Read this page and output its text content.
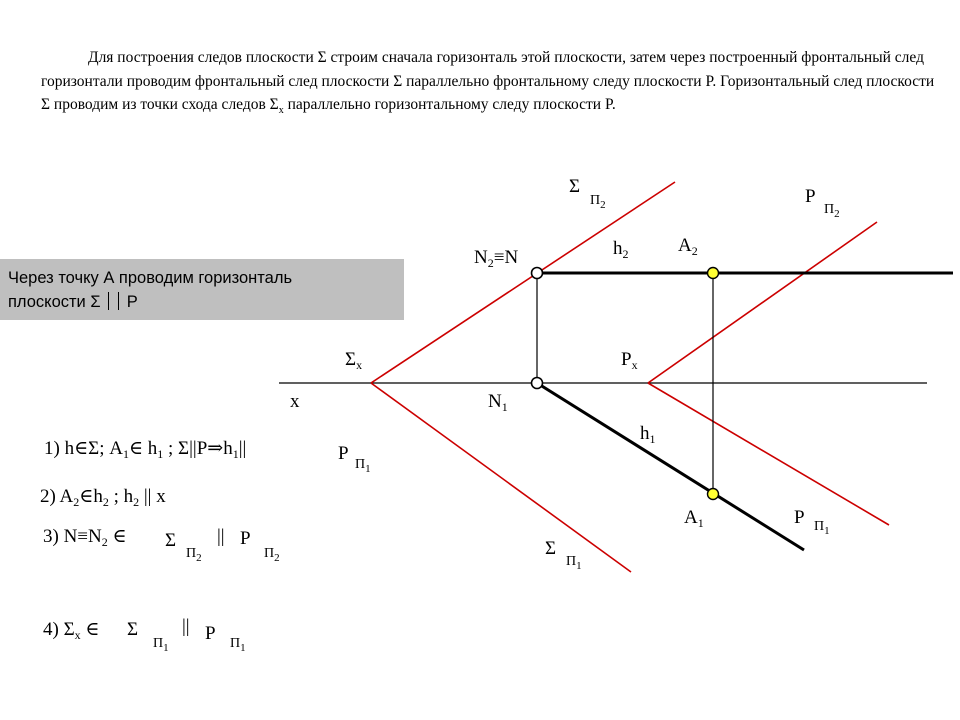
Для построения следов плоскости Σ строим сначала горизонталь этой плоскости, затем через построенный фронтальный след горизонтали проводим фронтальный след плоскости Σ параллельно фронтальному следу плоскости P. Горизонтальный след плоскости Σ проводим из точки схода следов $\Sigma_x$ параллельно горизонтальному следу плоскости P.
Через точку А проводим горизонталь
плоскости Σ P
Σ
$П_2$	P
$П_2$
Σ
$П_1$
P $П_1$
x
$\Sigma_x$	$P_x$
$N_2\equiv N$
$N_1$
$h_2$	$A_2$
$h_1$
$A_1$
1) h∈Σ; $A_1\in$ $h_1$ ; $\Sigma||P\Rightarrow h_1||$	P
$П_1$
2) $A_2\in h_2$ ; $h_2$ || x
3) $N\equiv N_2$ ∈ Σ
$П_2$
|| P
$П_2$
4) $\Sigma_x$ ∈ Σ
$П_1$
|| P $П_1$
